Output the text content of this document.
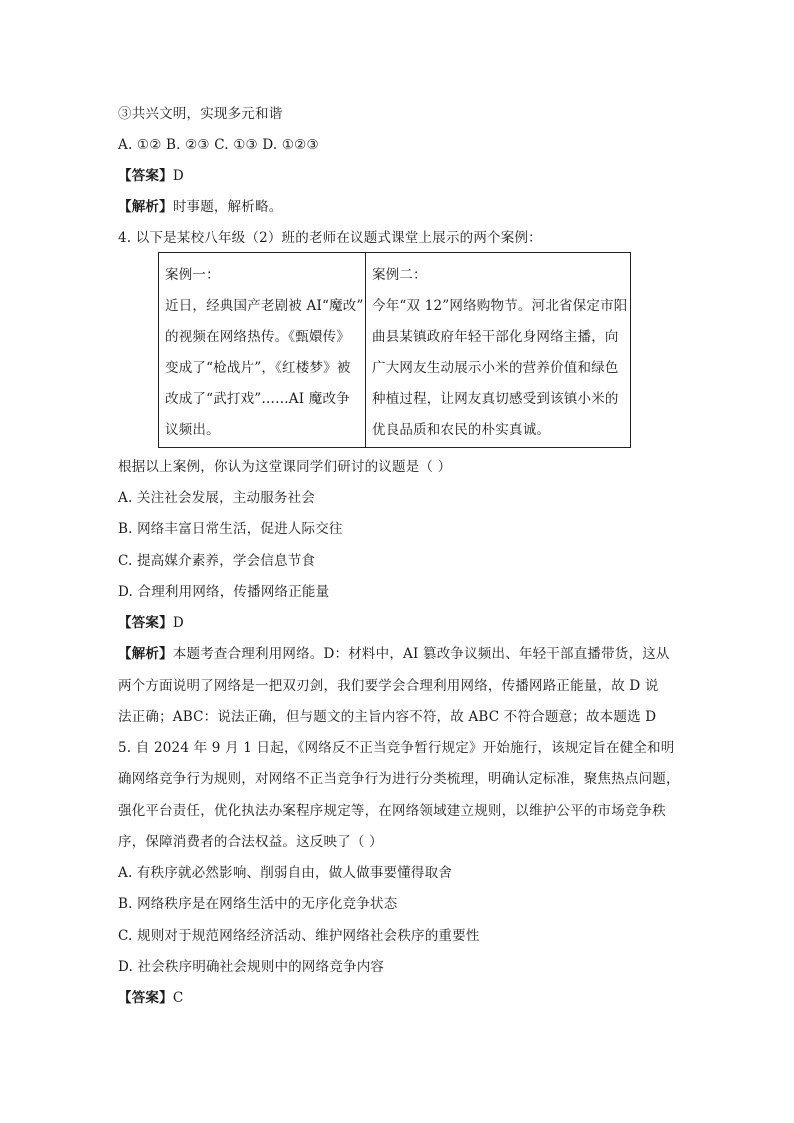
③共兴文明，实现多元和谐
A. ①② B. ②③ C. ①③ D. ①②③
【答案】D
【解析】时事题，解析略。
4. 以下是某校八年级（2）班的老师在议题式课堂上展示的两个案例：
案例一：
近日，经典国产老剧被 AI“魔改”
的视频在网络热传。《甄嬛传》
变成了“枪战片”，《红楼梦》被
改成了“武打戏”……AI 魔改争
议频出。
案例二：
今年“双 12”网络购物节。河北省保定市阳
曲县某镇政府年轻干部化身网络主播，向
广大网友生动展示小米的营养价值和绿色
种植过程，让网友真切感受到该镇小米的
优良品质和农民的朴实真诚。
根据以上案例，你认为这堂课同学们研讨的议题是（ ）
A. 关注社会发展，主动服务社会
B. 网络丰富日常生活，促进人际交往
C. 提高媒介素养，学会信息节食
D. 合理利用网络，传播网络正能量
【答案】D
【解析】本题考查合理利用网络。D：材料中，AI 篡改争议频出、年轻干部直播带货，这从
两个方面说明了网络是一把双刃剑，我们要学会合理利用网络，传播网路正能量，故 D 说
法正确；ABC：说法正确，但与题文的主旨内容不符，故 ABC 不符合题意；故本题选 D
5. 自 2024 年 9 月 1 日起，《网络反不正当竞争暂行规定》开始施行，该规定旨在健全和明
确网络竞争行为规则，对网络不正当竞争行为进行分类梳理，明确认定标准，聚焦热点问题，
强化平台责任，优化执法办案程序规定等，在网络领域建立规则，以维护公平的市场竞争秩
序，保障消费者的合法权益。这反映了（ ）
A. 有秩序就必然影响、削弱自由，做人做事要懂得取舍
B. 网络秩序是在网络生活中的无序化竞争状态
C. 规则对于规范网络经济活动、维护网络社会秩序的重要性
D. 社会秩序明确社会规则中的网络竞争内容
【答案】C
